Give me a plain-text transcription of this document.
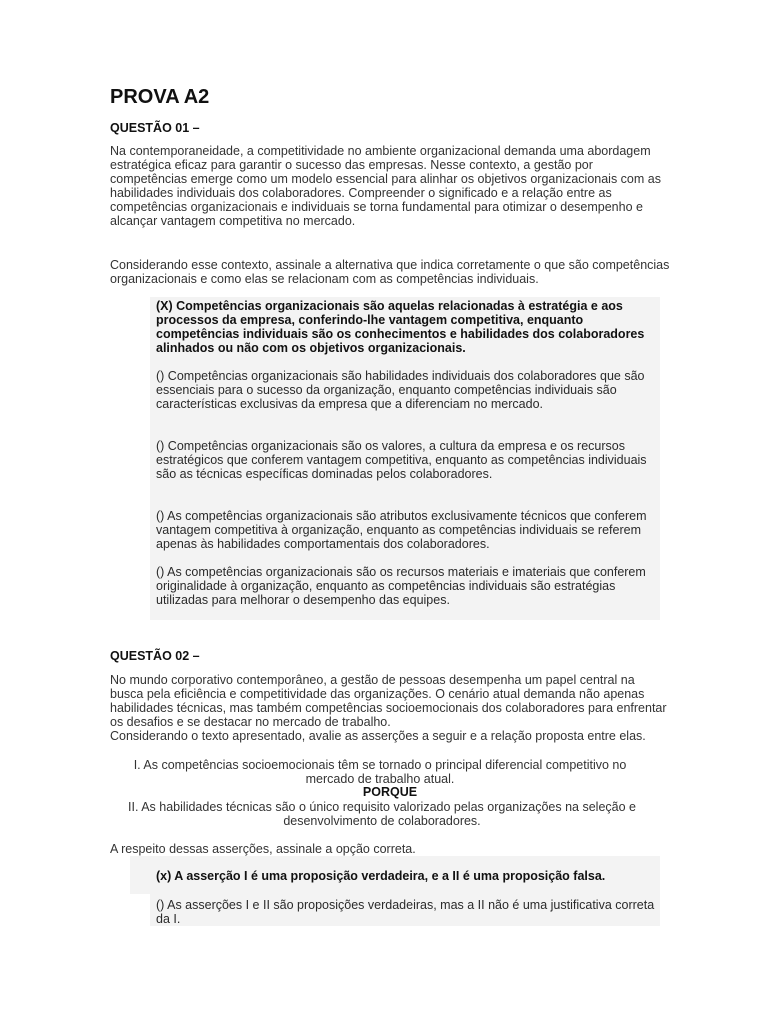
PROVA A2
QUESTÃO 01 –
Na contemporaneidade, a competitividade no ambiente organizacional demanda uma abordagem estratégica eficaz para garantir o sucesso das empresas. Nesse contexto, a gestão por competências emerge como um modelo essencial para alinhar os objetivos organizacionais com as habilidades individuais dos colaboradores. Compreender o significado e a relação entre as competências organizacionais e individuais se torna fundamental para otimizar o desempenho e alcançar vantagem competitiva no mercado.
Considerando esse contexto, assinale a alternativa que indica corretamente o que são competências organizacionais e como elas se relacionam com as competências individuais.
(X) Competências organizacionais são aquelas relacionadas à estratégia e aos processos da empresa, conferindo-lhe vantagem competitiva, enquanto competências individuais são os conhecimentos e habilidades dos colaboradores alinhados ou não com os objetivos organizacionais.
() Competências organizacionais são habilidades individuais dos colaboradores que são essenciais para o sucesso da organização, enquanto competências individuais são características exclusivas da empresa que a diferenciam no mercado.
() Competências organizacionais são os valores, a cultura da empresa e os recursos estratégicos que conferem vantagem competitiva, enquanto as competências individuais são as técnicas específicas dominadas pelos colaboradores.
() As competências organizacionais são atributos exclusivamente técnicos que conferem vantagem competitiva à organização, enquanto as competências individuais se referem apenas às habilidades comportamentais dos colaboradores.
() As competências organizacionais são os recursos materiais e imateriais que conferem originalidade à organização, enquanto as competências individuais são estratégias utilizadas para melhorar o desempenho das equipes.
QUESTÃO 02 –
No mundo corporativo contemporâneo, a gestão de pessoas desempenha um papel central na busca pela eficiência e competitividade das organizações. O cenário atual demanda não apenas habilidades técnicas, mas também competências socioemocionais dos colaboradores para enfrentar os desafios e se destacar no mercado de trabalho.
Considerando o texto apresentado, avalie as asserções a seguir e a relação proposta entre elas.
I. As competências socioemocionais têm se tornado o principal diferencial competitivo no mercado de trabalho atual.
PORQUE
II. As habilidades técnicas são o único requisito valorizado pelas organizações na seleção e desenvolvimento de colaboradores.
A respeito dessas asserções, assinale a opção correta.
(x) A asserção I é uma proposição verdadeira, e a II é uma proposição falsa.
() As asserções I e II são proposições verdadeiras, mas a II não é uma justificativa correta da I.
